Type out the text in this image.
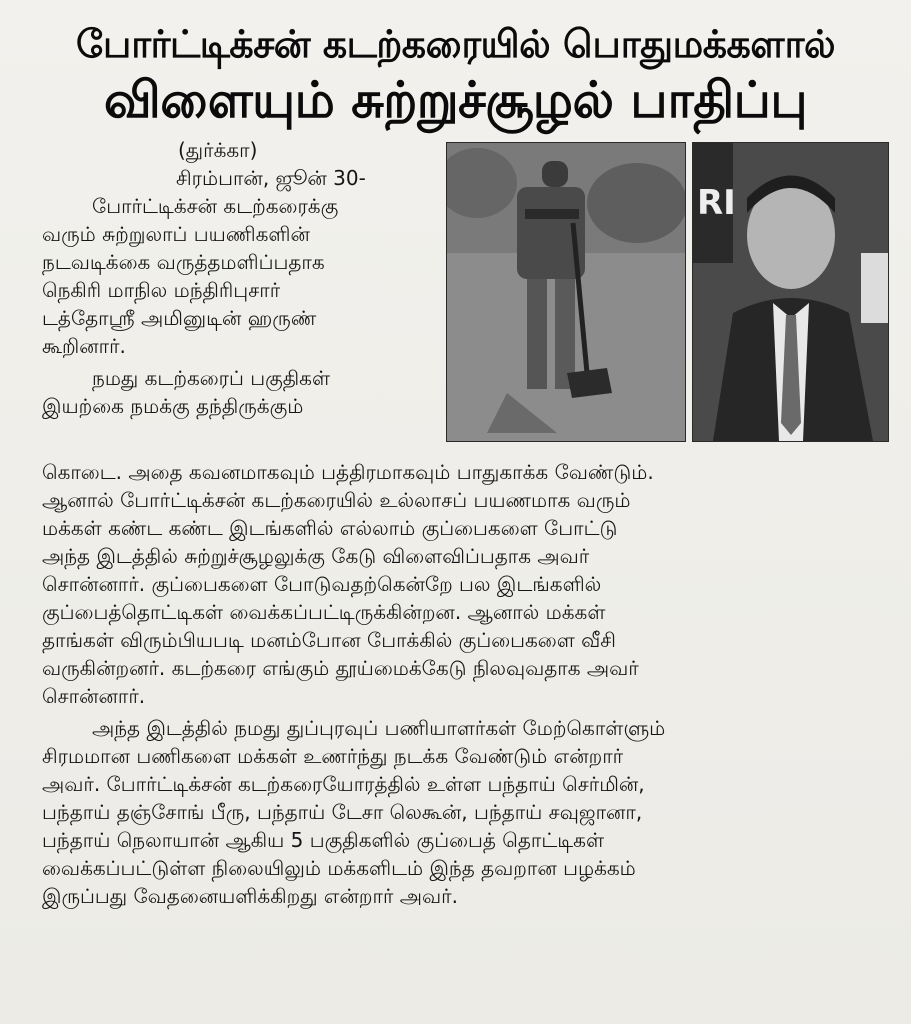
போர்ட்டிக்சன் கடற்கரையில் பொதுமக்களால்
விளையும் சுற்றுச்சூழல் பாதிப்பு
(துர்க்கா)
சிரம்பான், ஜூன் 30-

போர்ட்டிக்சன் கடற்கரைக்கு
வரும் சுற்றுலாப் பயணிகளின்
நடவடிக்கை வருத்தமளிப்பதாக
நெகிரி மாநில மந்திரிபுசார்
டத்தோஸ்ரீ அமினுடின் ஹருண்
கூறினார்.
நமது கடற்கரைப் பகுதிகள்
இயற்கை நமக்கு தந்திருக்கும்

RI

கொடை. அதை கவனமாகவும் பத்திரமாகவும் பாதுகாக்க வேண்டும்.
ஆனால் போர்ட்டிக்சன் கடற்கரையில் உல்லாசப் பயணமாக வரும்
மக்கள் கண்ட கண்ட இடங்களில் எல்லாம் குப்பைகளை போட்டு
அந்த இடத்தில் சுற்றுச்சூழலுக்கு கேடு விளைவிப்பதாக அவர்
சொன்னார். குப்பைகளை போடுவதற்கென்றே பல இடங்களில்
குப்பைத்தொட்டிகள் வைக்கப்பட்டிருக்கின்றன. ஆனால் மக்கள்
தாங்கள் விரும்பியபடி மனம்போன போக்கில் குப்பைகளை வீசி
வருகின்றனர். கடற்கரை எங்கும் தூய்மைக்கேடு நிலவுவதாக அவர்
சொன்னார்.

அந்த இடத்தில் நமது துப்புரவுப் பணியாளர்கள் மேற்கொள்ளும்
சிரமமான பணிகளை மக்கள் உணர்ந்து நடக்க வேண்டும் என்றார்
அவர். போர்ட்டிக்சன் கடற்கரையோரத்தில் உள்ள பந்தாய் செர்மின்,
பந்தாய் தஞ்சோங் பீரு, பந்தாய் டேசா லெகூன், பந்தாய் சவுஜானா,
பந்தாய் நெலாயான் ஆகிய 5 பகுதிகளில் குப்பைத் தொட்டிகள்
வைக்கப்பட்டுள்ள நிலையிலும் மக்களிடம் இந்த தவறான பழக்கம்
இருப்பது வேதனையளிக்கிறது என்றார் அவர்.
